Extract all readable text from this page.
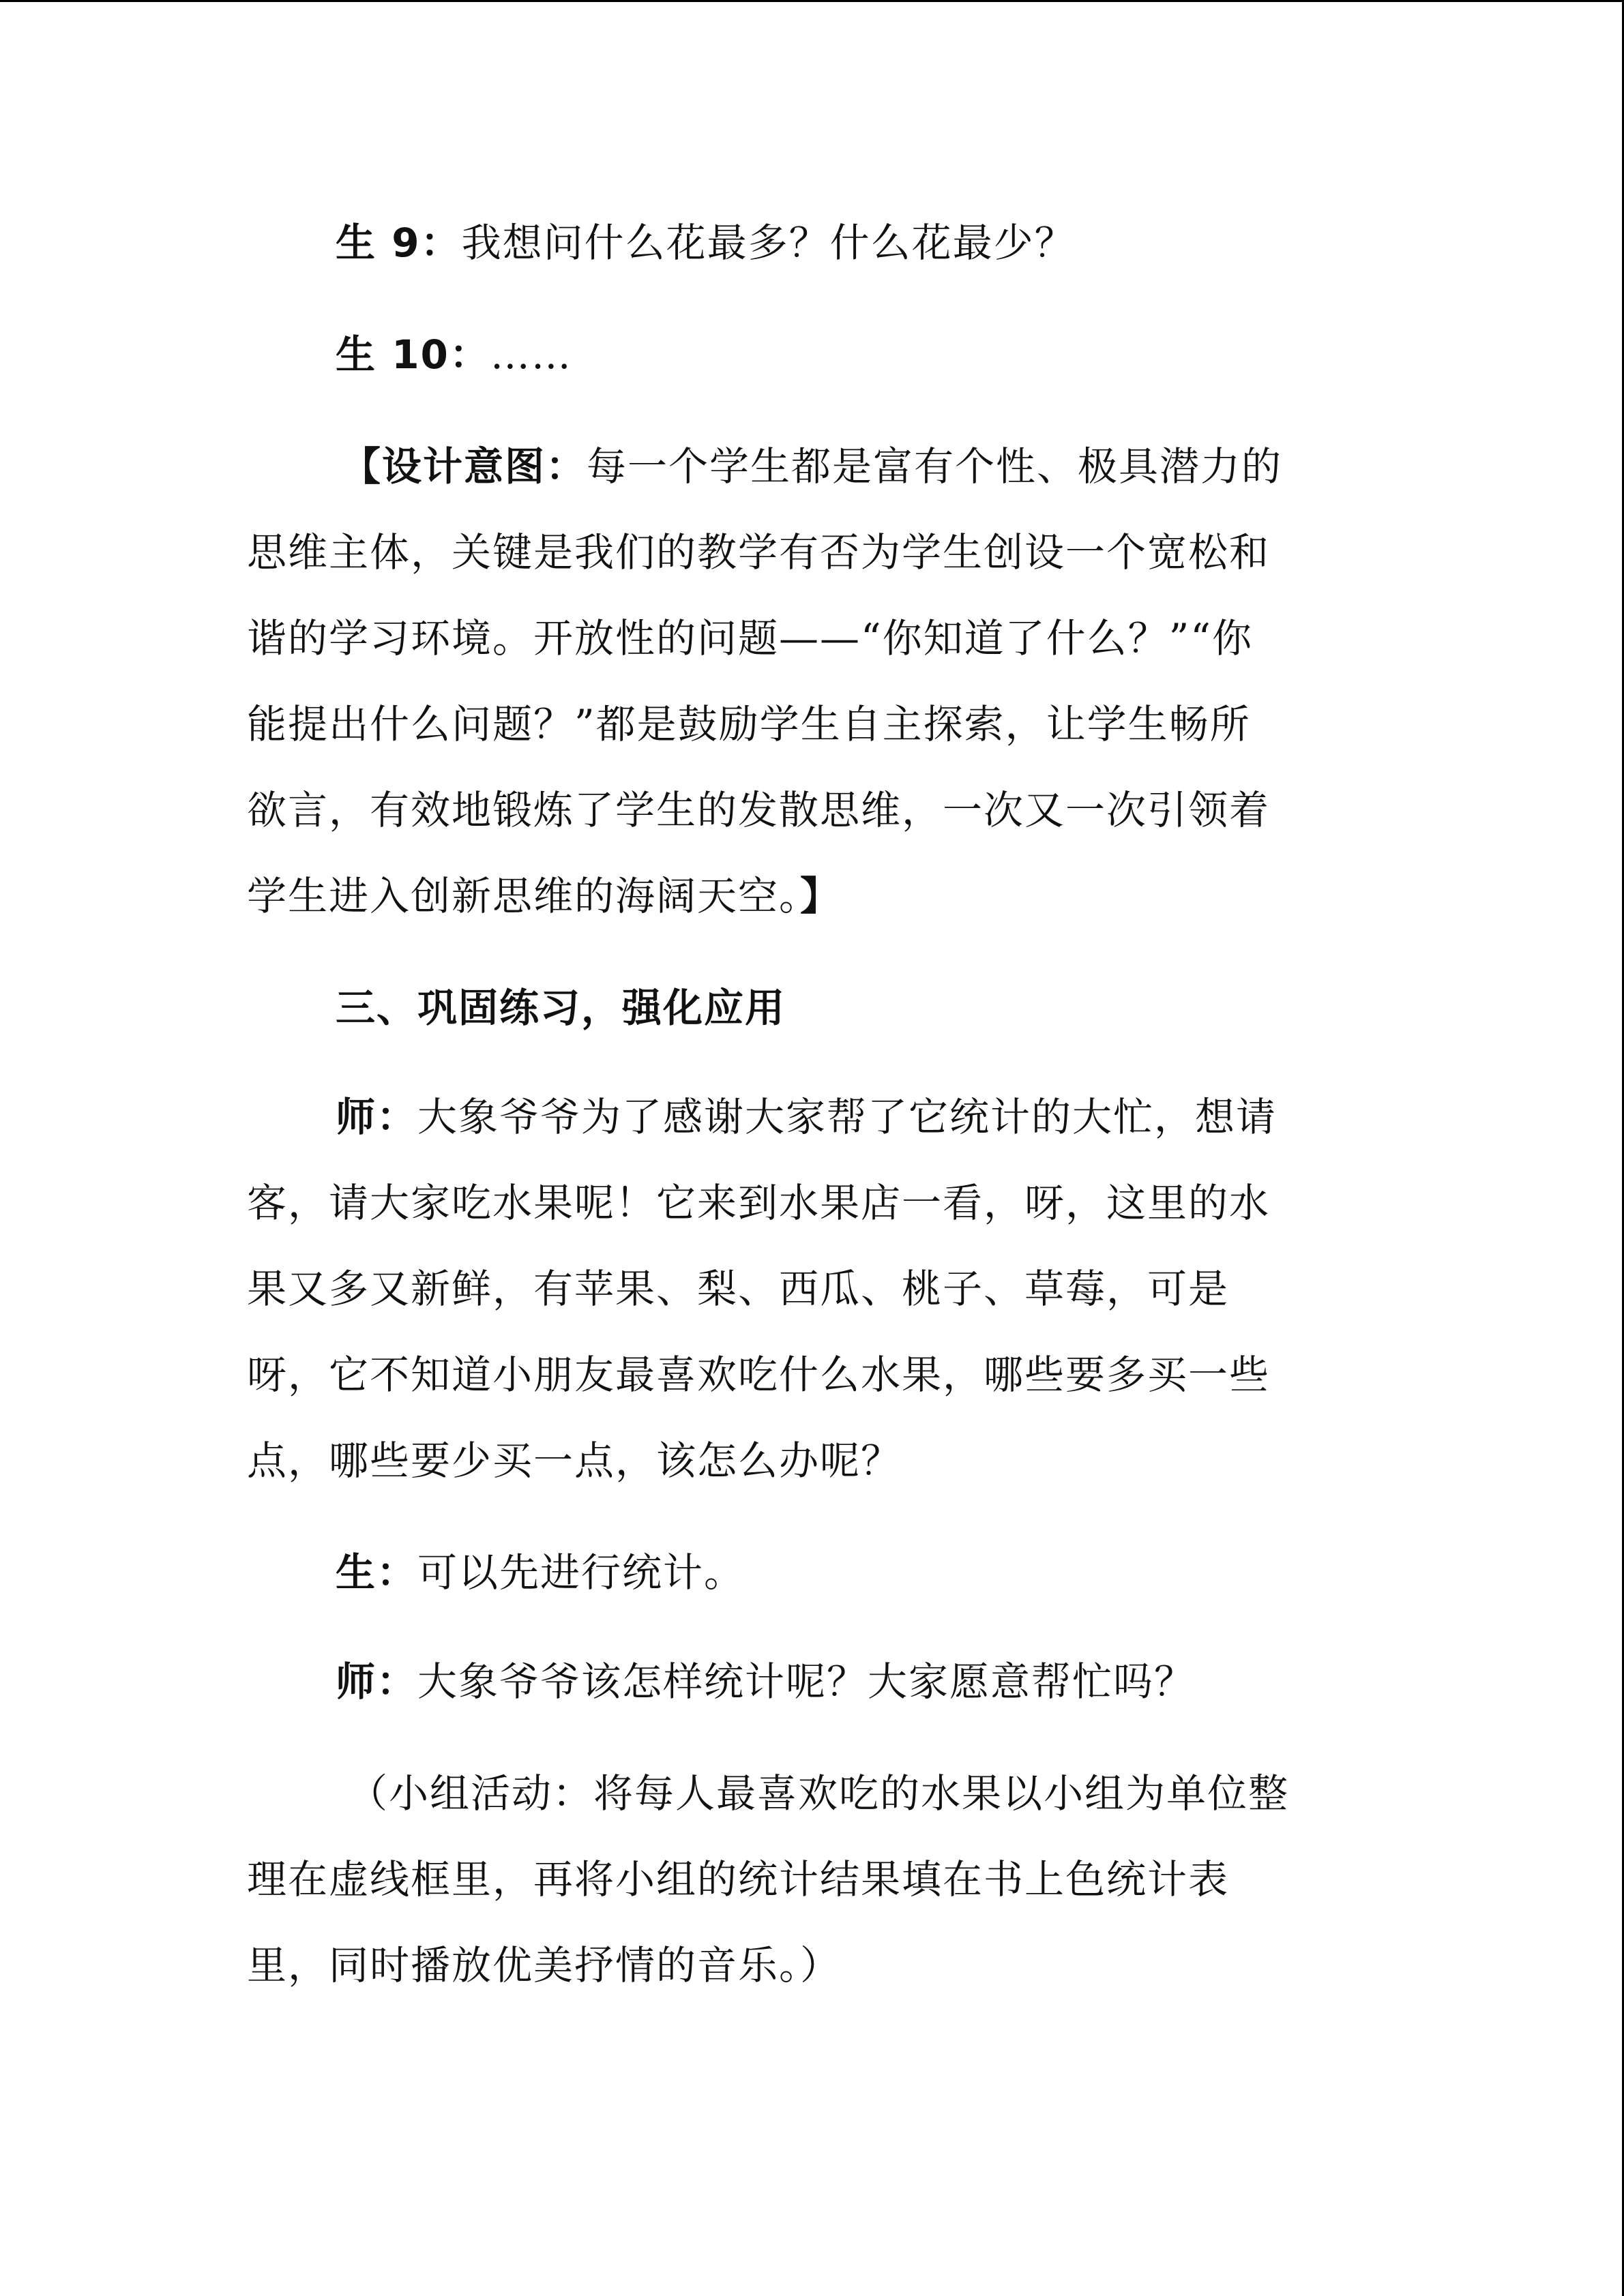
生 9：我想问什么花最多？什么花最少？
生 10：……
【设计意图：每一个学生都是富有个性、极具潜力的
思维主体，关键是我们的教学有否为学生创设一个宽松和
谐的学习环境。开放性的问题——“你知道了什么？”“你
能提出什么问题？”都是鼓励学生自主探索，让学生畅所
欲言，有效地锻炼了学生的发散思维，一次又一次引领着
学生进入创新思维的海阔天空。】
三、巩固练习，强化应用
师：大象爷爷为了感谢大家帮了它统计的大忙，想请
客，请大家吃水果呢！它来到水果店一看，呀，这里的水
果又多又新鲜，有苹果、梨、西瓜、桃子、草莓，可是
呀，它不知道小朋友最喜欢吃什么水果，哪些要多买一些
点，哪些要少买一点，该怎么办呢？
生：可以先进行统计。
师：大象爷爷该怎样统计呢？大家愿意帮忙吗？
（小组活动：将每人最喜欢吃的水果以小组为单位整
理在虚线框里，再将小组的统计结果填在书上色统计表
里，同时播放优美抒情的音乐。）
